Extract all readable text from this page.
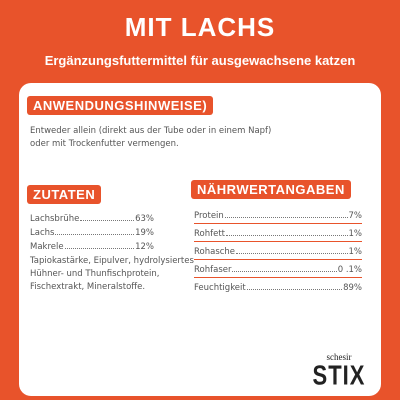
MIT LACHS
Ergänzungsfuttermittel für ausgewachsene katzen
ANWENDUNGSHINWEISE)
Entweder allein (direkt aus der Tube oder in einem Napf)
oder mit Trockenfutter vermengen.
ZUTATEN
Lachsbrühe	63%
Lachs	19%
Makrele	12%
Tapiokastärke, Eipulver, hydrolysiertes
Hühner- und Thunfischprotein,
Fischextrakt, Mineralstoffe.
NÄHRWERTANGABEN
Protein	7%
Rohfett	1%
Rohasche	1%
Rohfaser	0 .1%
Feuchtigkeit	89%
schesir
STIX
